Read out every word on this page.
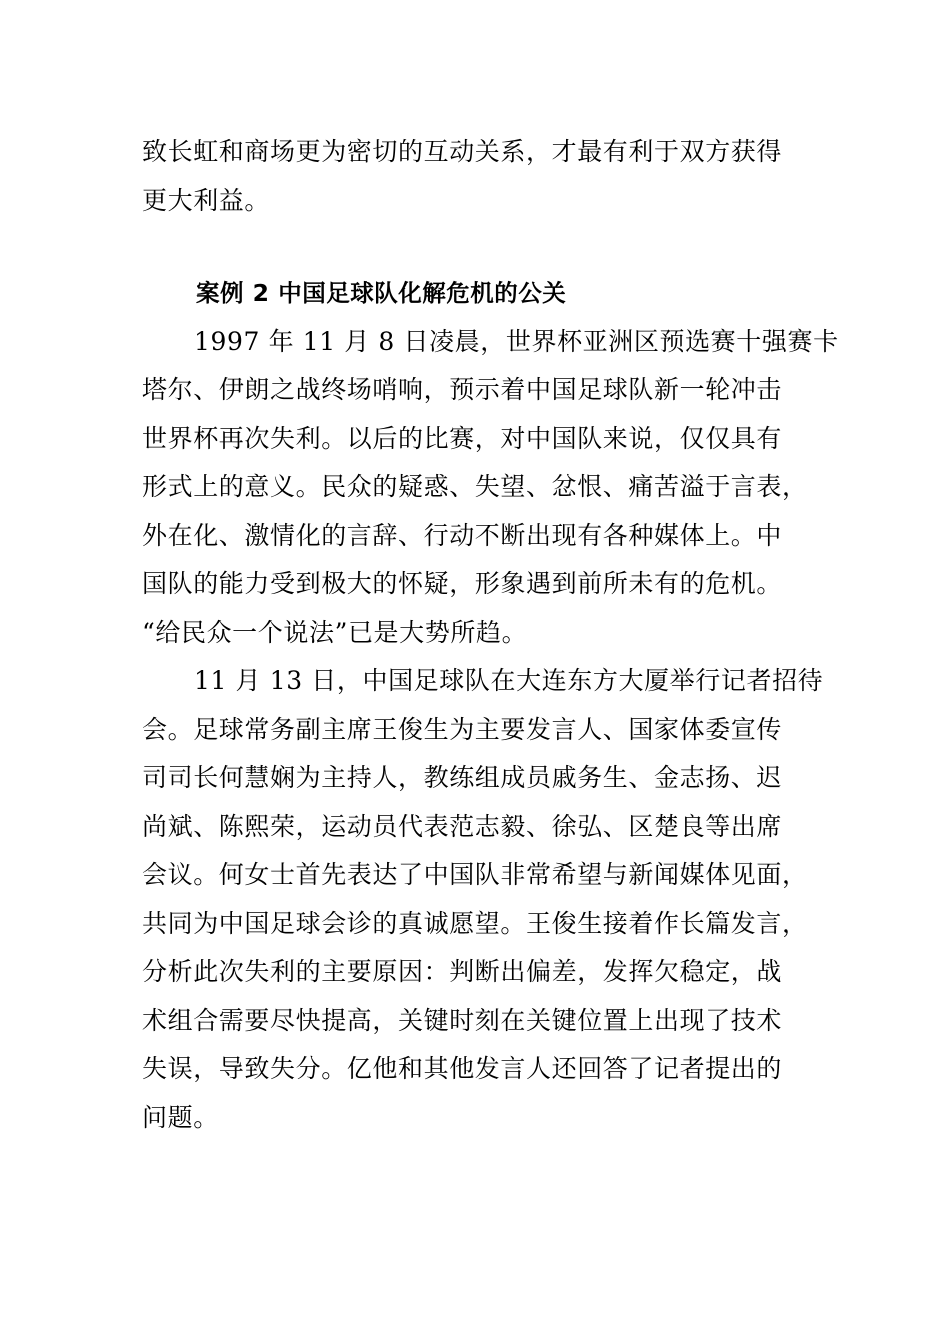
致长虹和商场更为密切的互动关系，才最有利于双方获得
更大利益。
案例 2 中国足球队化解危机的公关
1997 年 11 月 8 日凌晨，世界杯亚洲区预选赛十强赛卡
塔尔、伊朗之战终场哨响，预示着中国足球队新一轮冲击
世界杯再次失利。以后的比赛，对中国队来说，仅仅具有
形式上的意义。民众的疑惑、失望、忿恨、痛苦溢于言表，
外在化、激情化的言辞、行动不断出现有各种媒体上。中
国队的能力受到极大的怀疑，形象遇到前所未有的危机。
“给民众一个说法”已是大势所趋。
11 月 13 日，中国足球队在大连东方大厦举行记者招待
会。足球常务副主席王俊生为主要发言人、国家体委宣传
司司长何慧娴为主持人，教练组成员戚务生、金志扬、迟
尚斌、陈熙荣，运动员代表范志毅、徐弘、区楚良等出席
会议。何女士首先表达了中国队非常希望与新闻媒体见面，
共同为中国足球会诊的真诚愿望。王俊生接着作长篇发言，
分析此次失利的主要原因：判断出偏差，发挥欠稳定，战
术组合需要尽快提高，关键时刻在关键位置上出现了技术
失误，导致失分。亿他和其他发言人还回答了记者提出的
问题。
